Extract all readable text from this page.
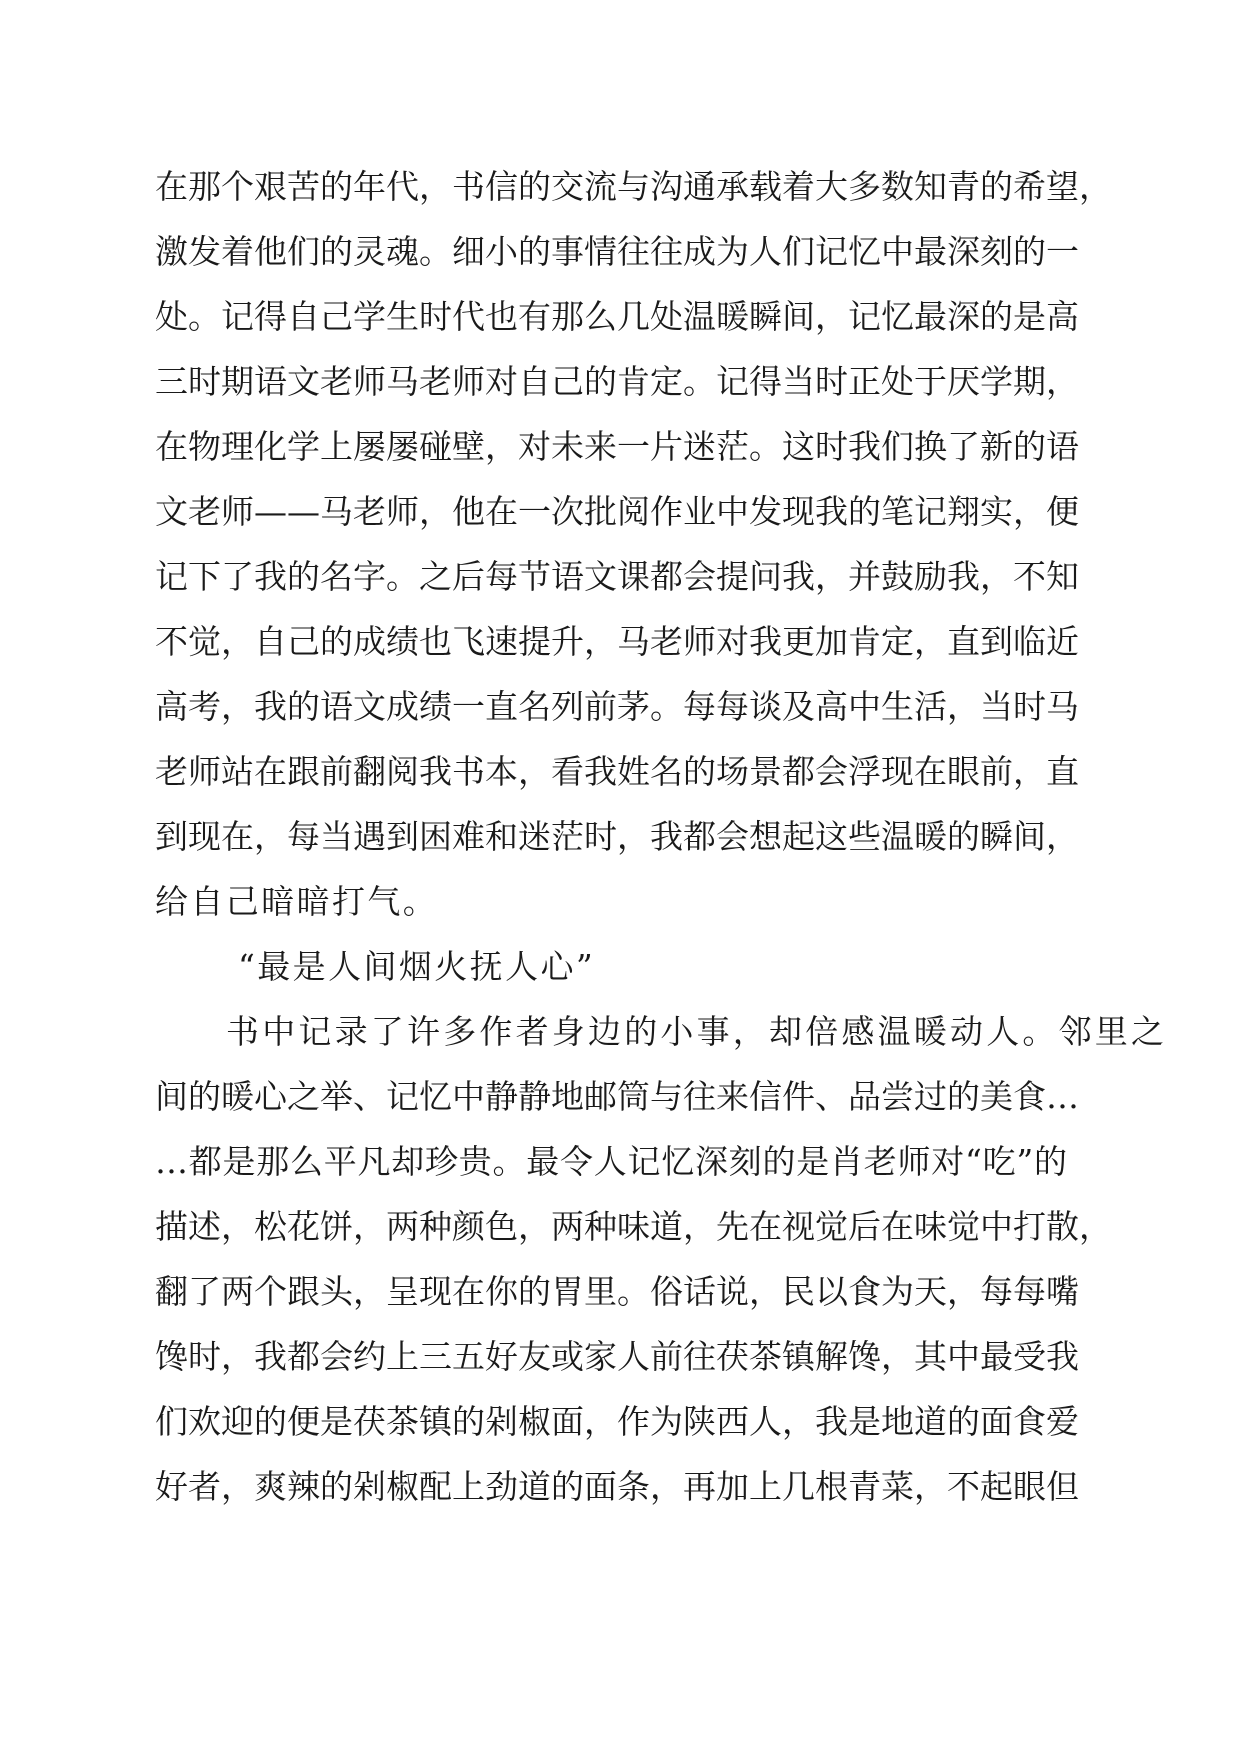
在那个艰苦的年代，书信的交流与沟通承载着大多数知青的希望，
激发着他们的灵魂。细小的事情往往成为人们记忆中最深刻的一
处。记得自己学生时代也有那么几处温暖瞬间，记忆最深的是高
三时期语文老师马老师对自己的肯定。记得当时正处于厌学期，
在物理化学上屡屡碰壁，对未来一片迷茫。这时我们换了新的语
文老师——马老师，他在一次批阅作业中发现我的笔记翔实，便
记下了我的名字。之后每节语文课都会提问我，并鼓励我，不知
不觉，自己的成绩也飞速提升，马老师对我更加肯定，直到临近
高考，我的语文成绩一直名列前茅。每每谈及高中生活，当时马
老师站在跟前翻阅我书本，看我姓名的场景都会浮现在眼前，直
到现在，每当遇到困难和迷茫时，我都会想起这些温暖的瞬间，
给自己暗暗打气。
“最是人间烟火抚人心”
书中记录了许多作者身边的小事，却倍感温暖动人。邻里之
间的暖心之举、记忆中静静地邮筒与往来信件、品尝过的美食…
…都是那么平凡却珍贵。最令人记忆深刻的是肖老师对“吃”的
描述，松花饼，两种颜色，两种味道，先在视觉后在味觉中打散，
翻了两个跟头，呈现在你的胃里。俗话说，民以食为天，每每嘴
馋时，我都会约上三五好友或家人前往茯茶镇解馋，其中最受我
们欢迎的便是茯茶镇的剁椒面，作为陕西人，我是地道的面食爱
好者，爽辣的剁椒配上劲道的面条，再加上几根青菜，不起眼但
